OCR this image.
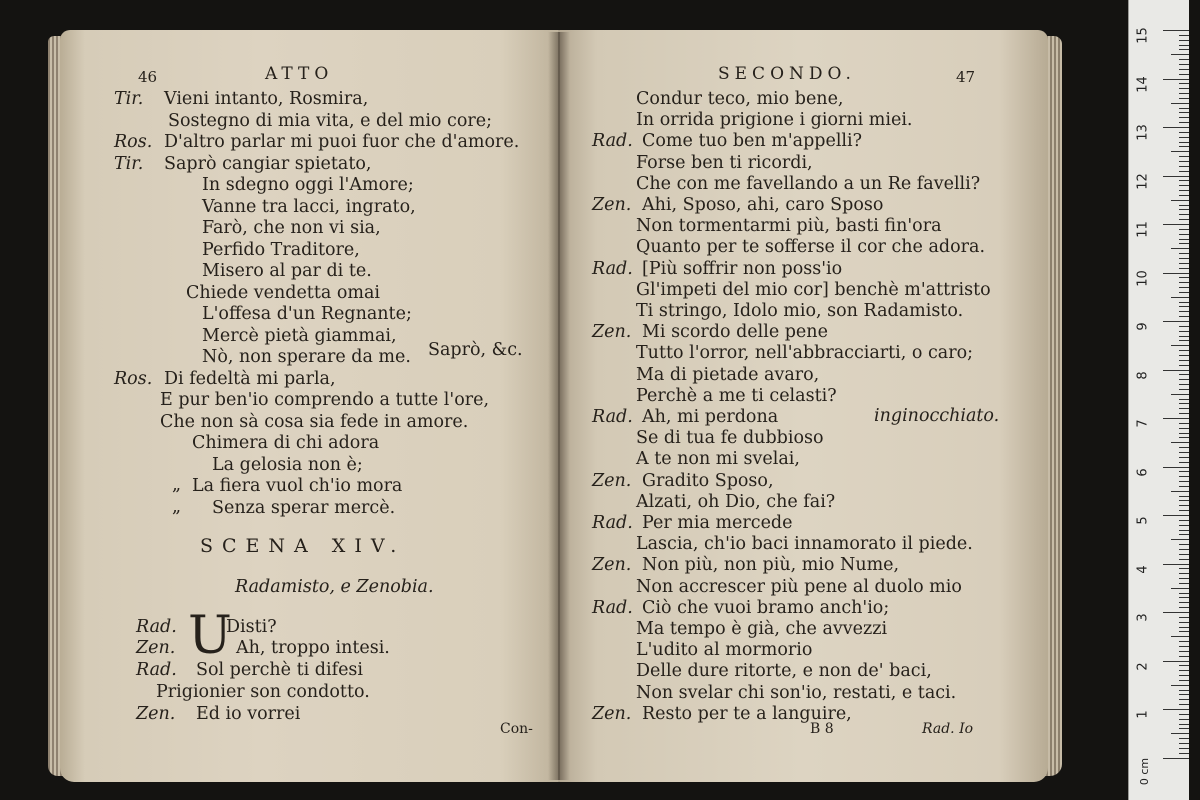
46	ATTO
Tir. Vieni intanto, Rosmira,
Sostegno di mia vita, e del mio core;
Ros. D'altro parlar mi puoi fuor che d'amore.
Tir. Saprò cangiar spietato,
In sdegno oggi l'Amore;
Vanne tra lacci, ingrato,
Farò, che non vi sia,
Perfido Traditore,
Misero al par di te.
Chiede vendetta omai
L'offesa d'un Regnante;
Mercè pietà giammai,
Nò, non sperare da me.
Ros. Di fedeltà mi parla,
E pur ben'io comprendo a tutte l'ore,
Che non sà cosa sia fede in amore.
Chimera di chi adora
La gelosia non è;
La fiera vuol ch'io mora
Senza sperar mercè.
Saprò, &c.
„
„
SCENA XIV.
Radamisto, e Zenobia.
U
Rad.	Disti?
Zen.	Ah, troppo intesi.
Rad. Sol perchè ti difesi
Prigionier son condotto.
Zen. Ed io vorrei
Con-
SECONDO.	47
Condur teco, mio bene,
In orrida prigione i giorni miei.
Rad. Come tuo ben m'appelli?
Forse ben ti ricordi,
Che con me favellando a un Re favelli?
Zen. Ahi, Sposo, ahi, caro Sposo
Non tormentarmi più, basti fin'ora
Quanto per te sofferse il cor che adora.
Rad. [Più soffrir non poss'io
Gl'impeti del mio cor] benchè m'attristo
Ti stringo, Idolo mio, son Radamisto.
Zen. Mi scordo delle pene
Tutto l'orror, nell'abbracciarti, o caro;
Ma di pietade avaro,
Perchè a me ti celasti?
Rad. Ah, mi perdona
Se di tua fe dubbioso
A te non mi svelai,
Zen. Gradito Sposo,
Alzati, oh Dio, che fai?
Rad. Per mia mercede
Lascia, ch'io baci innamorato il piede.
Zen. Non più, non più, mio Nume,
Non accrescer più pene al duolo mio
Rad. Ciò che vuoi bramo anch'io;
Ma tempo è già, che avvezzi
L'udito al mormorio
Delle dure ritorte, e non de' baci,
Non svelar chi son'io, restati, e taci.
Zen. Resto per te a languire,
inginocchiato.
B 8	Rad. Io
15
14
13
12
11
10
9
8
7
6
5
4
3
2
1
0 cm
